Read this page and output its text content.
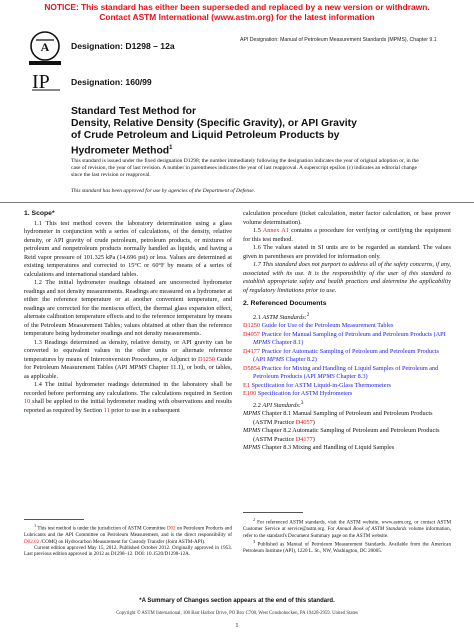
NOTICE: This standard has either been superseded and replaced by a new version or withdrawn.
Contact ASTM International (www.astm.org) for the latest information
A	Designation: D1298 – 12a
API Designation: Manual of Petroleum Measurement Standards (MPMS), Chapter 9.1
IP Designation: 160/99
Standard Test Method for
Density, Relative Density (Specific Gravity), or API Gravity
of Crude Petroleum and Liquid Petroleum Products by
Hydrometer Method$^1$
This standard is issued under the fixed designation D1298; the number immediately following the designation indicates the year of original adoption or, in the case of revision, the year of last revision. A number in parentheses indicates the year of last reapproval. A superscript epsilon (ε) indicates an editorial change since the last revision or reapproval.
This standard has been approved for use by agencies of the Department of Defense.

1. Scope*

1.1 This test method covers the laboratory determination using a glass hydrometer in conjunction with a series of calculations, of the density, relative density, or API gravity of crude petroleum, petroleum products, or mixtures of petroleum and nonpetroleum products normally handled as liquids, and having a Reid vapor pressure of 101.325 kPa (14.696 psi) or less. Values are determined at existing temperatures and corrected to 15°C or 60°F by means of a series of calculations and international standard tables.

1.2 The initial hydrometer readings obtained are uncorrected hydrometer readings and not density measurements. Readings are measured on a hydrometer at either the reference temperature or at another convenient temperature, and readings are corrected for the meniscus effect, the thermal glass expansion effect, alternate calibration temperature effects and to the reference temperature by means of the Petroleum Measurement Tables; values obtained at other than the reference temperature being hydrometer readings and not density measurements.

1.3 Readings determined as density, relative density, or API gravity can be converted to equivalent values in the other units or alternate reference temperatures by means of Interconversion Procedures, or Adjunct to D1250 Guide for Petroleum Measurement Tables (API MPMS Chapter 11.1), or both, or tables, as applicable.

1.4 The initial hydrometer readings determined in the laboratory shall be recorded before performing any calculations. The calculations required in Section 10 shall be applied to the initial hydrometer reading with observations and results reported as required by Section 11 prior to use in a subsequent

$^1$ This test method is under the jurisdiction of ASTM Committee D02 on Petroleum Products and Lubricants and the API Committee on Petroleum Measurement, and is the direct responsibility of D02.02 /COMQ on Hydrocarbon Measurement for Custody Transfer (Joint ASTM-API).

Current edition approved May 15, 2012. Published October 2012. Originally approved in 1953. Last previous edition approved in 2012 as D1298–12. DOI: 10.1520/D1298-12A.

calculation procedure (ticket calculation, meter factor calculation, or base prover volume determination).

1.5 Annex A1 contains a procedure for verifying or certifying the equipment for this test method.

1.6 The values stated in SI units are to be regarded as standard. The values given in parentheses are provided for information only.

1.7 This standard does not purport to address all of the safety concerns, if any, associated with its use. It is the responsibility of the user of this standard to establish appropriate safety and health practices and determine the applicability of regulatory limitations prior to use.

2. Referenced Documents

2.1 ASTM Standards:$^2$

D1250 Guide for Use of the Petroleum Measurement Tables

D4057 Practice for Manual Sampling of Petroleum and Petroleum Products (API MPMS Chapter 8.1)

D4177 Practice for Automatic Sampling of Petroleum and Petroleum Products (API MPMS Chapter 8.2)

D5854 Practice for Mixing and Handling of Liquid Samples of Petroleum and Petroleum Products (API MPMS Chapter 8.3)

E1 Specification for ASTM Liquid-in-Glass Thermometers

E100 Specification for ASTM Hydrometers

2.2 API Standards:$^3$

MPMS Chapter 8.1 Manual Sampling of Petroleum and Petroleum Products (ASTM Practice D4057)

MPMS Chapter 8.2 Automatic Sampling of Petroleum and Petroleum Products (ASTM Practice D4177)

MPMS Chapter 8.3 Mixing and Handling of Liquid Samples

$^2$ For referenced ASTM standards, visit the ASTM website, www.astm.org, or contact ASTM Customer Service at service@astm.org. For Annual Book of ASTM Standards volume information, refer to the standard's Document Summary page on the ASTM website.

$^3$ Published as Manual of Petroleum Measurement Standards. Available from the American Petroleum Institute (API), 1220 L. St., NW, Washington, DC 20005.

*A Summary of Changes section appears at the end of this standard.
Copyright © ASTM International, 100 Barr Harbor Drive, PO Box C700, West Conshohocken, PA 19428-2959. United States
1
